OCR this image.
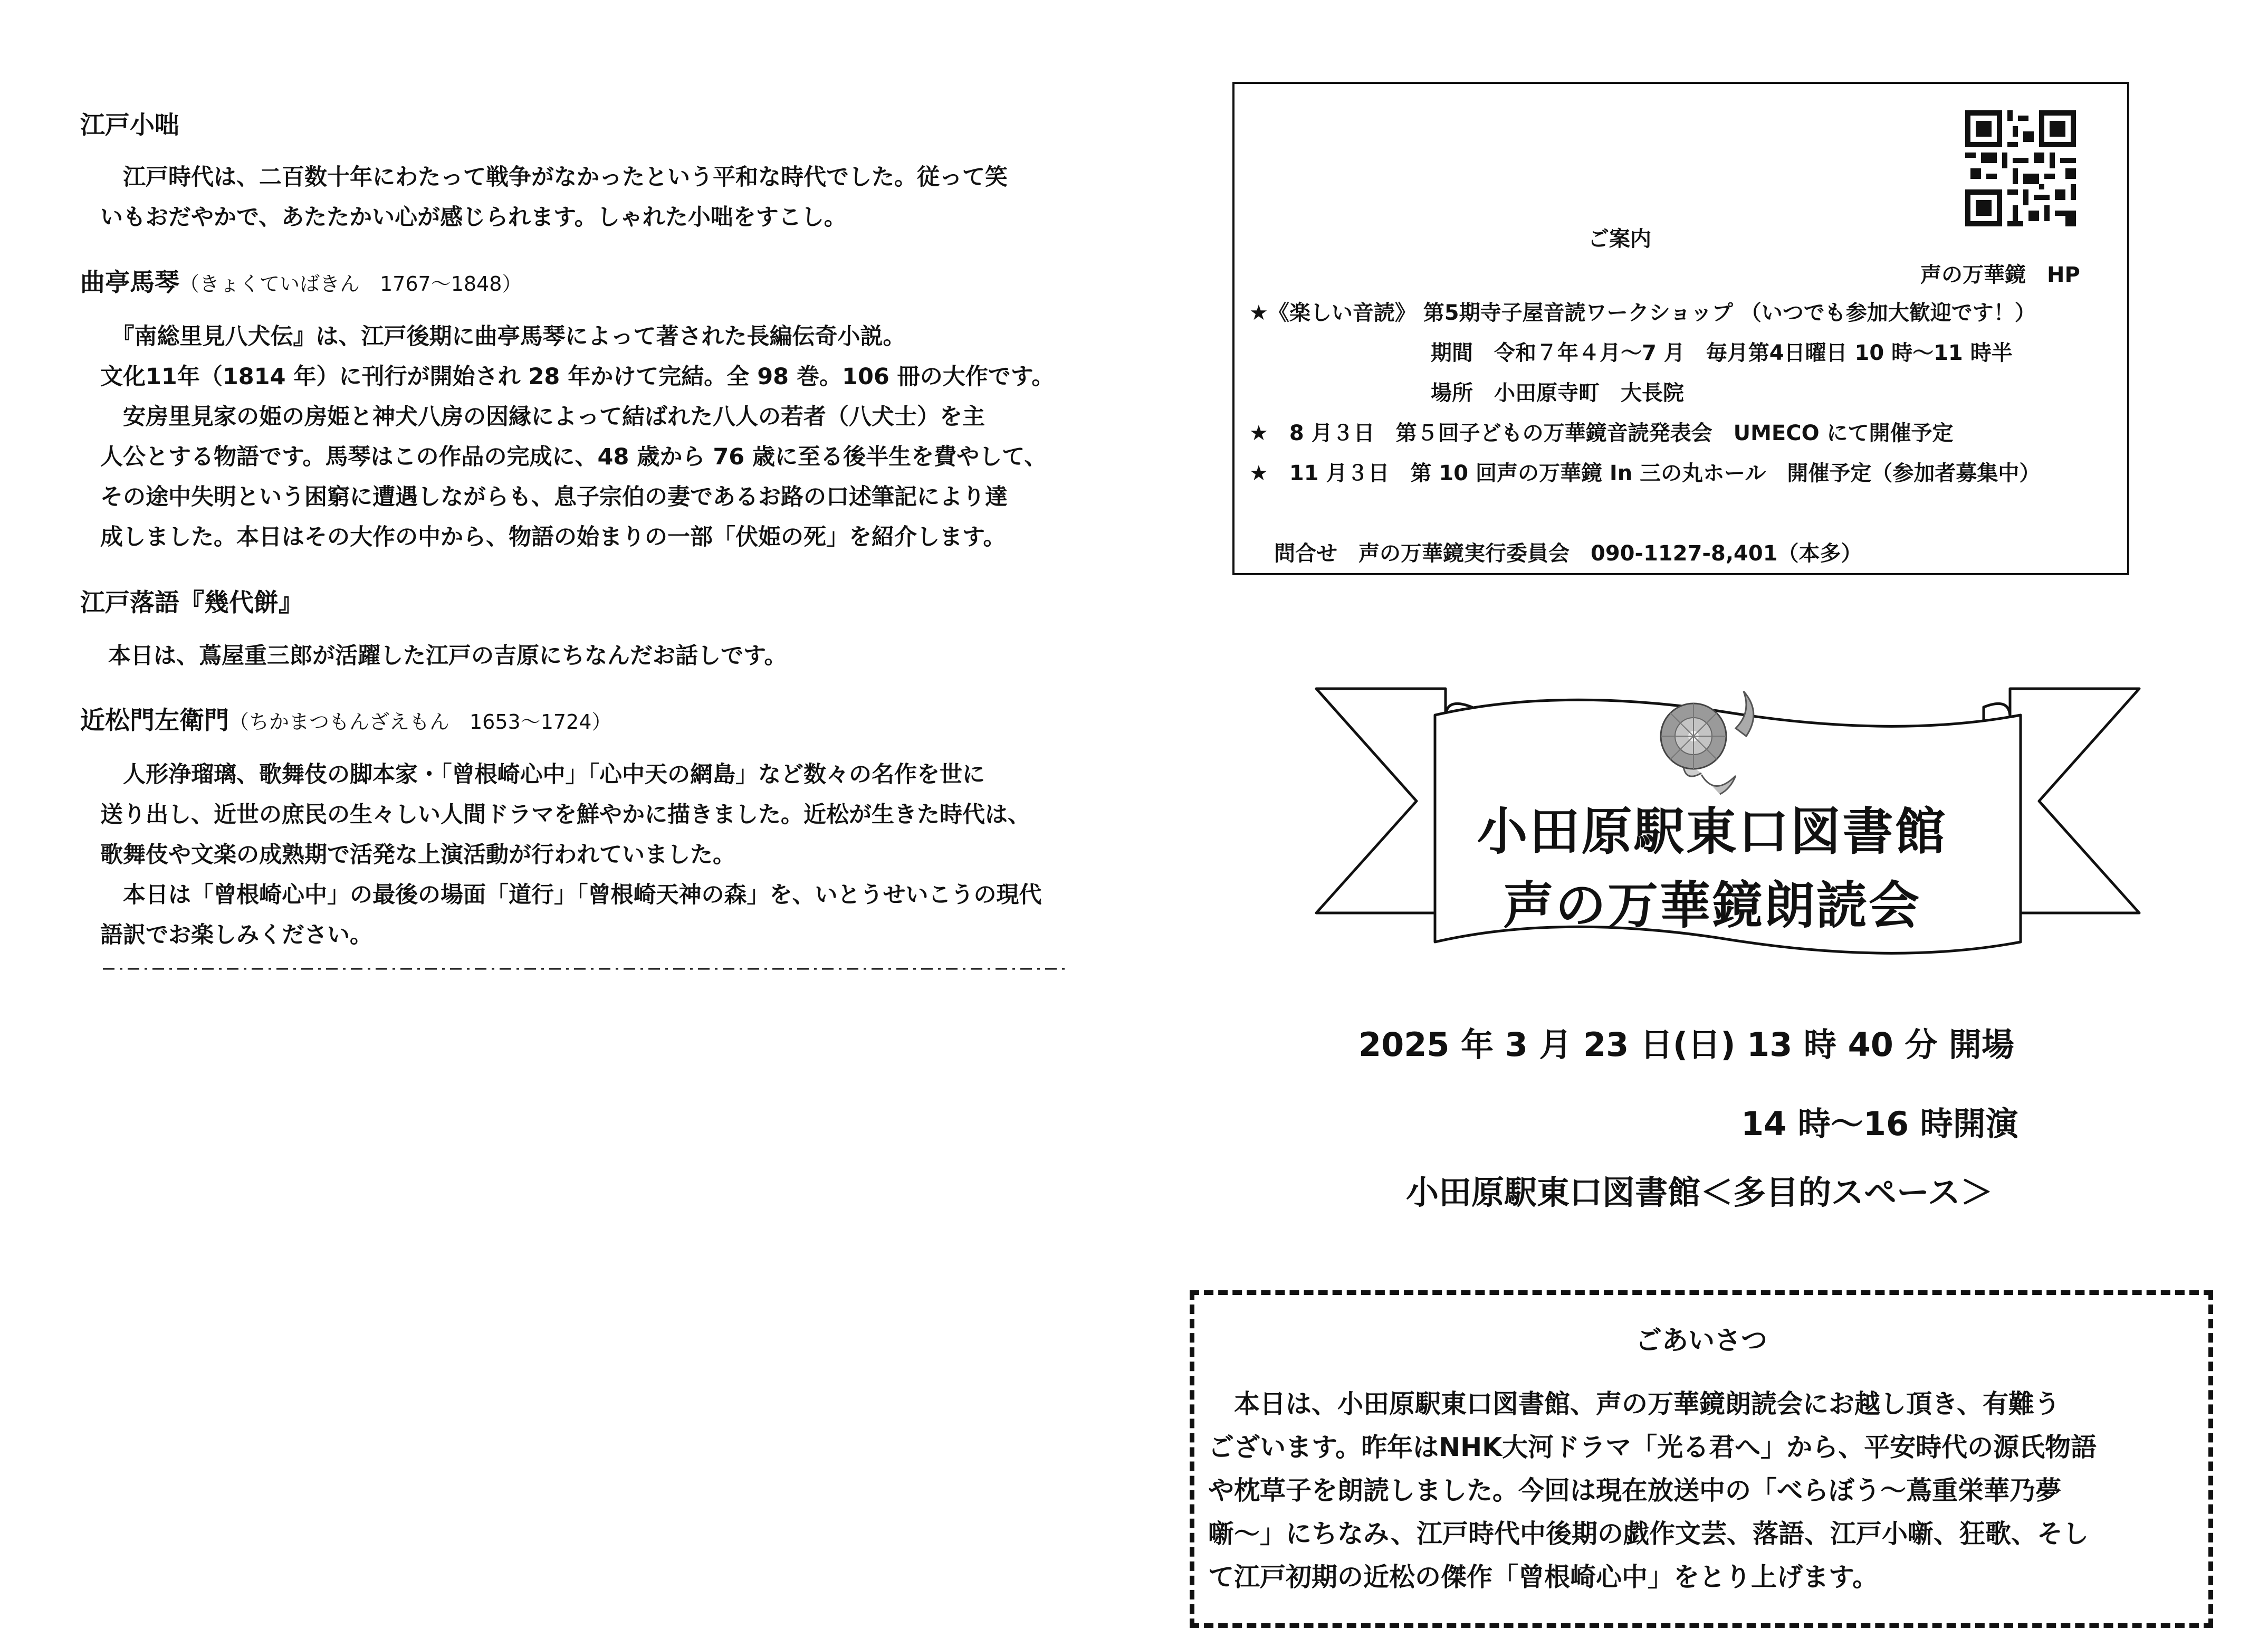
江戸小咄

　江戸時代は、二百数十年にわたって戦争がなかったという平和な時代でした。従って笑

いもおだやかで、あたたかい心が感じられます。しゃれた小咄をすこし。

曲亭馬琴（きょくていばきん　1767～1848）

　『南総里見八犬伝』は、江戸後期に曲亭馬琴によって著された長編伝奇小説。

文化11年（1814 年）に刊行が開始され 28 年かけて完結。全 98 巻。106 冊の大作です。

　安房里見家の姫の房姫と神犬八房の因縁によって結ばれた八人の若者（八犬士）を主

人公とする物語です。馬琴はこの作品の完成に、48 歳から 76 歳に至る後半生を費やして、

その途中失明という困窮に遭遇しながらも、息子宗伯の妻であるお路の口述筆記により達

成しました。本日はその大作の中から、物語の始まりの一部「伏姫の死」を紹介します。

江戸落語『幾代餅』

本日は、蔦屋重三郎が活躍した江戸の吉原にちなんだお話しです。

近松門左衛門（ちかまつもんざえもん　1653～1724）

　人形浄瑠璃、歌舞伎の脚本家・「曾根崎心中」「心中天の網島」など数々の名作を世に

送り出し、近世の庶民の生々しい人間ドラマを鮮やかに描きました。近松が生きた時代は、

歌舞伎や文楽の成熟期で活発な上演活動が行われていました。

　本日は「曾根崎心中」の最後の場面「道行」「曾根崎天神の森」を、いとうせいこうの現代

語訳でお楽しみください。

ご案内
声の万華鏡　HP
★《楽しい音読》 第5期寺子屋音読ワークショップ （いつでも参加大歓迎です！）
期間　令和７年４月～7 月　毎月第4日曜日 10 時～11 時半
場所　小田原寺町　大長院
★　8 月３日　第５回子どもの万華鏡音読発表会　UMECO にて開催予定
★　11 月３日　第 10 回声の万華鏡 In 三の丸ホール　開催予定（参加者募集中）
問合せ　声の万華鏡実行委員会　090-1127-8,401（本多）
小田原駅東口図書館
声の万華鏡朗読会
2025 年 3 月 23 日(日) 13 時 40 分 開場
14 時～16 時開演
小田原駅東口図書館＜多目的スペース＞
ごあいさつ

　本日は、小田原駅東口図書館、声の万華鏡朗読会にお越し頂き、有難う

ございます。昨年はNHK大河ドラマ「光る君へ」から、平安時代の源氏物語

や枕草子を朗読しました。今回は現在放送中の「べらぼう～蔦重栄華乃夢

噺～」にちなみ、江戸時代中後期の戯作文芸、落語、江戸小噺、狂歌、そし

て江戸初期の近松の傑作「曾根崎心中」をとり上げます。
